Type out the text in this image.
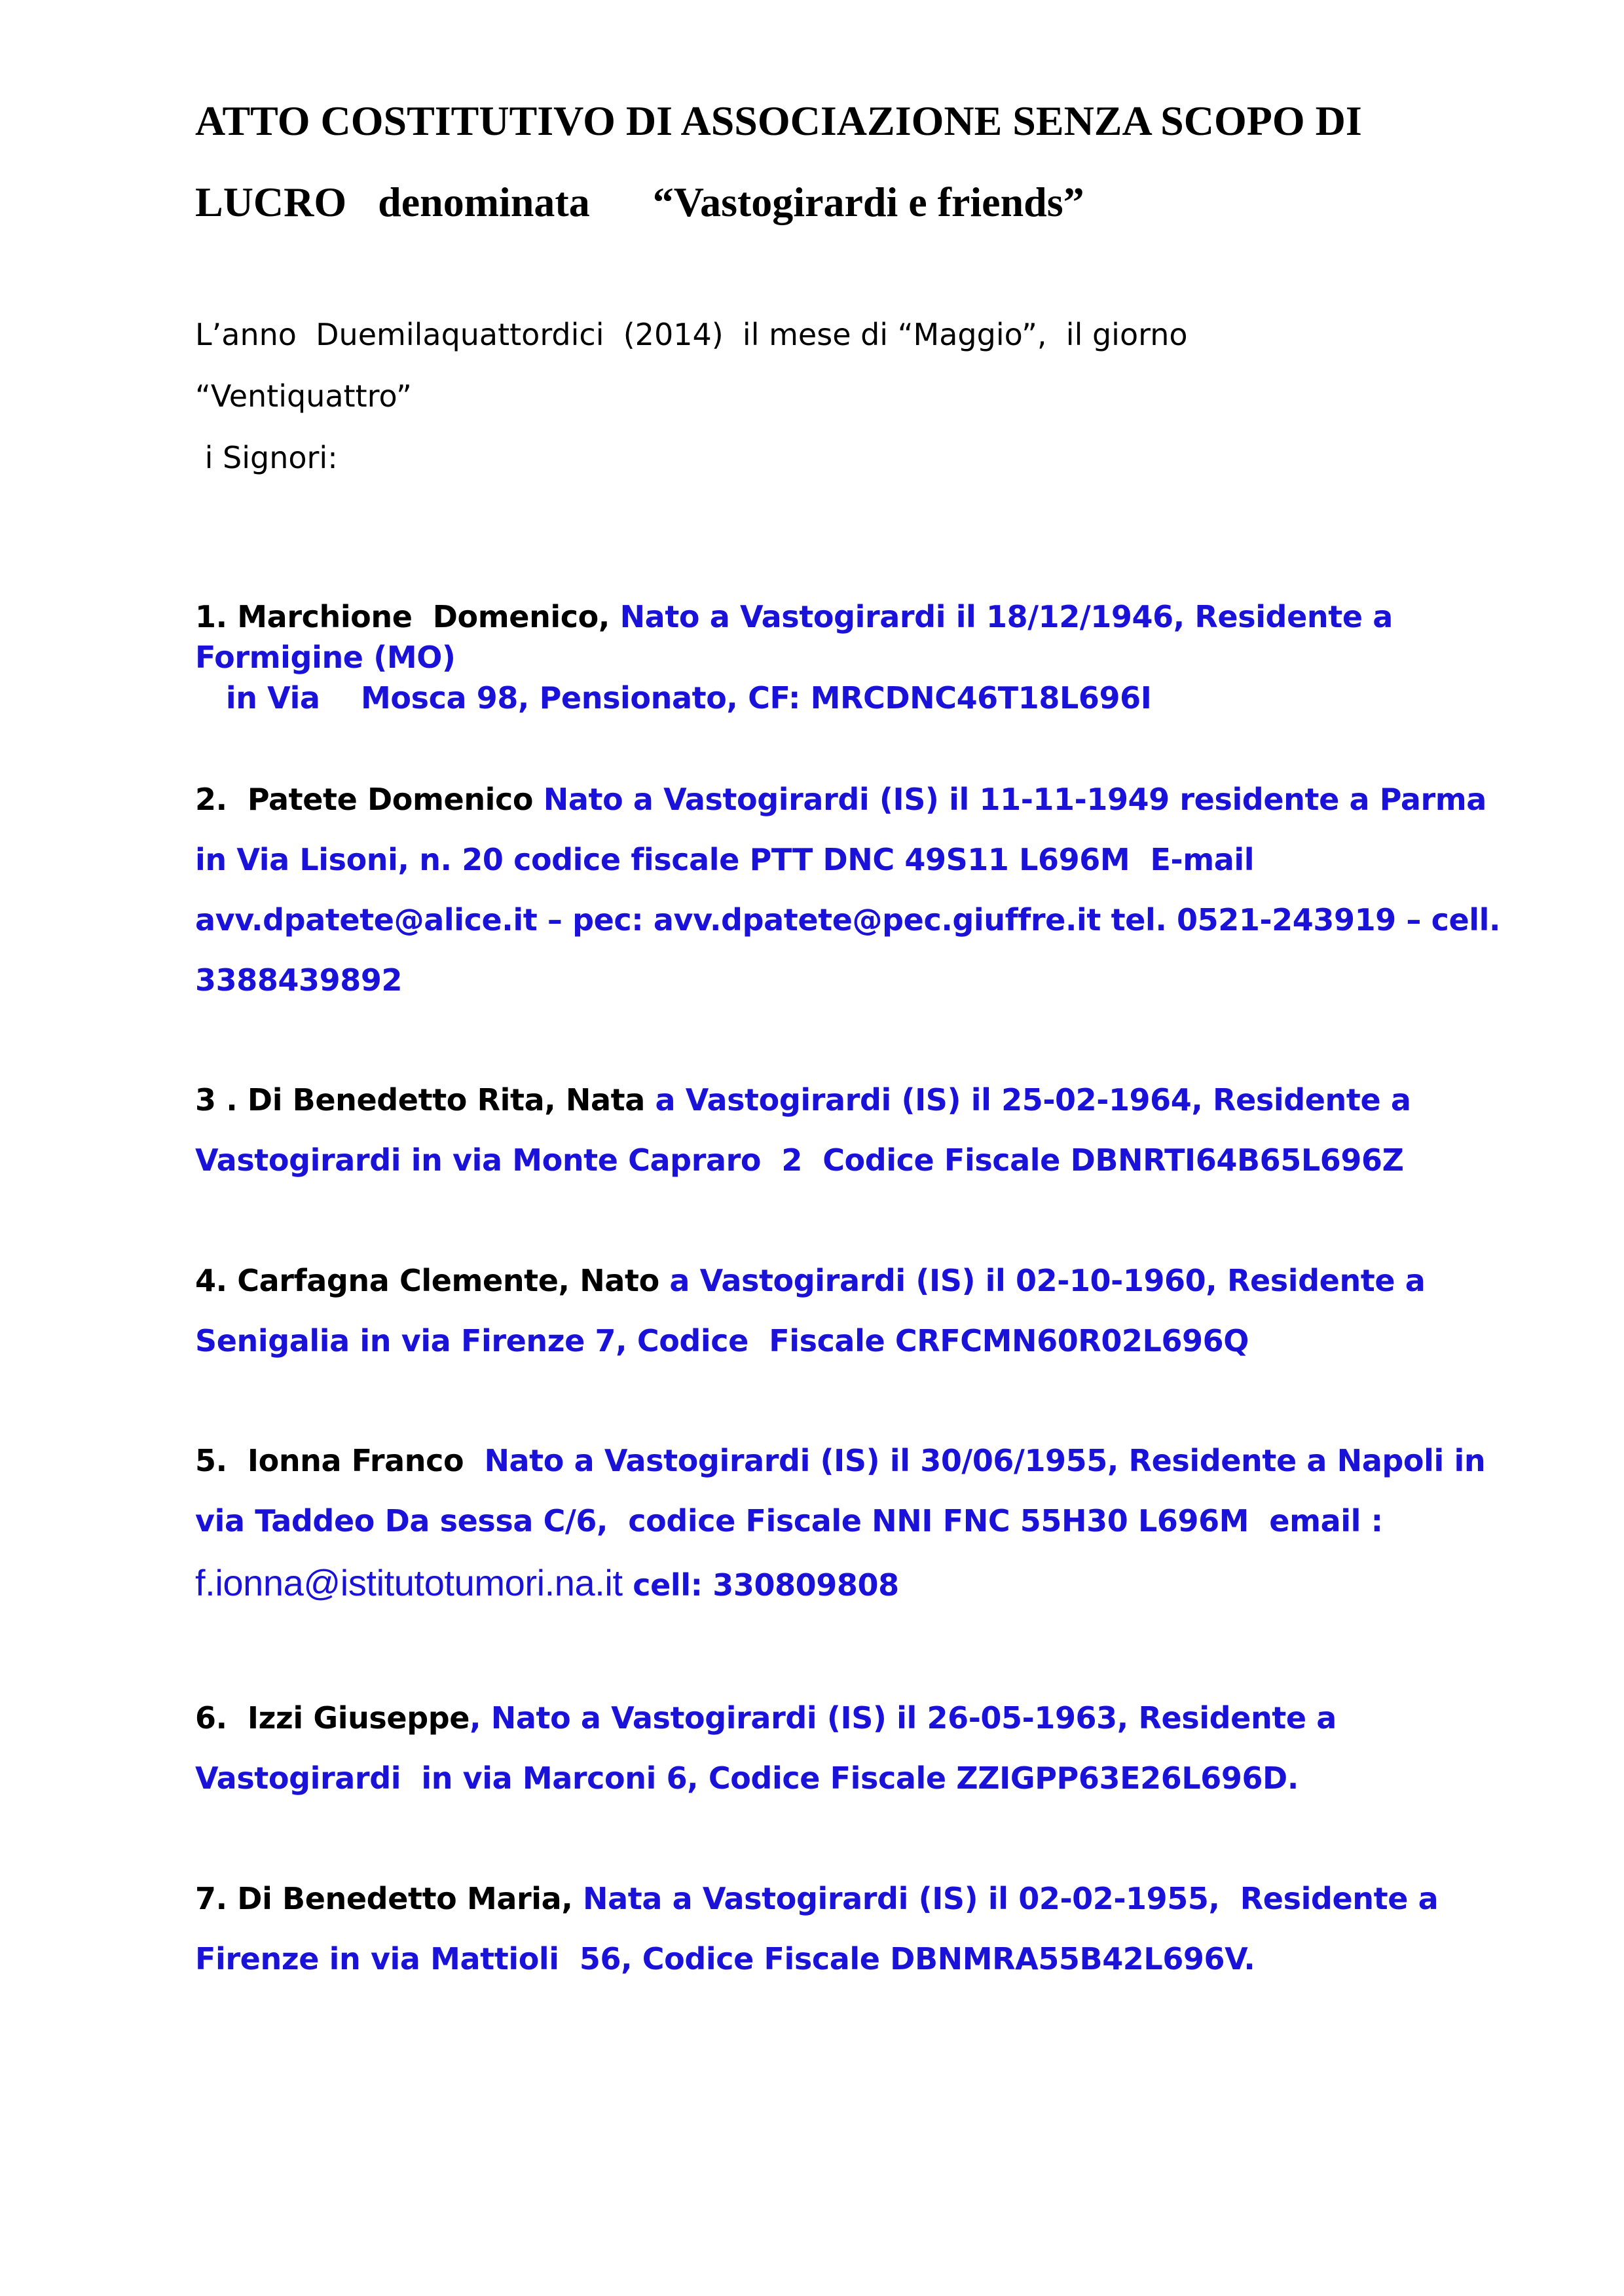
ATTO COSTITUTIVO DI ASSOCIAZIONE SENZA SCOPO DI
LUCRO   denominata      “Vastogirardi e friends”

L’anno  Duemilaquattordici  (2014)  il mese di “Maggio”,  il giorno

“Ventiquattro”

i Signori:

1. Marchione  Domenico, Nato a Vastogirardi il 18/12/1946, Residente a

Formigine (MO)

in Via    Mosca 98, Pensionato, CF: MRCDNC46T18L696I

2.  Patete Domenico Nato a Vastogirardi (IS) il 11-11-1949 residente a Parma

in Via Lisoni, n. 20 codice fiscale PTT DNC 49S11 L696M  E-mail

avv.dpatete@alice.it – pec: avv.dpatete@pec.giuffre.it tel. 0521-243919 – cell.

3388439892

3 . Di Benedetto Rita, Nata a Vastogirardi (IS) il 25-02-1964, Residente a

Vastogirardi in via Monte Capraro  2  Codice Fiscale DBNRTI64B65L696Z

4. Carfagna Clemente, Nato a Vastogirardi (IS) il 02-10-1960, Residente a

Senigalia in via Firenze 7, Codice  Fiscale CRFCMN60R02L696Q

5.  Ionna Franco  Nato a Vastogirardi (IS) il 30/06/1955, Residente a Napoli in

via Taddeo Da sessa C/6,  codice Fiscale NNI FNC 55H30 L696M  email :

f.ionna@istitutotumori.na.it cell: 330809808

6.  Izzi Giuseppe, Nato a Vastogirardi (IS) il 26-05-1963, Residente a

Vastogirardi  in via Marconi 6, Codice Fiscale ZZIGPP63E26L696D.

7. Di Benedetto Maria, Nata a Vastogirardi (IS) il 02-02-1955,  Residente a

Firenze in via Mattioli  56, Codice Fiscale DBNMRA55B42L696V.
